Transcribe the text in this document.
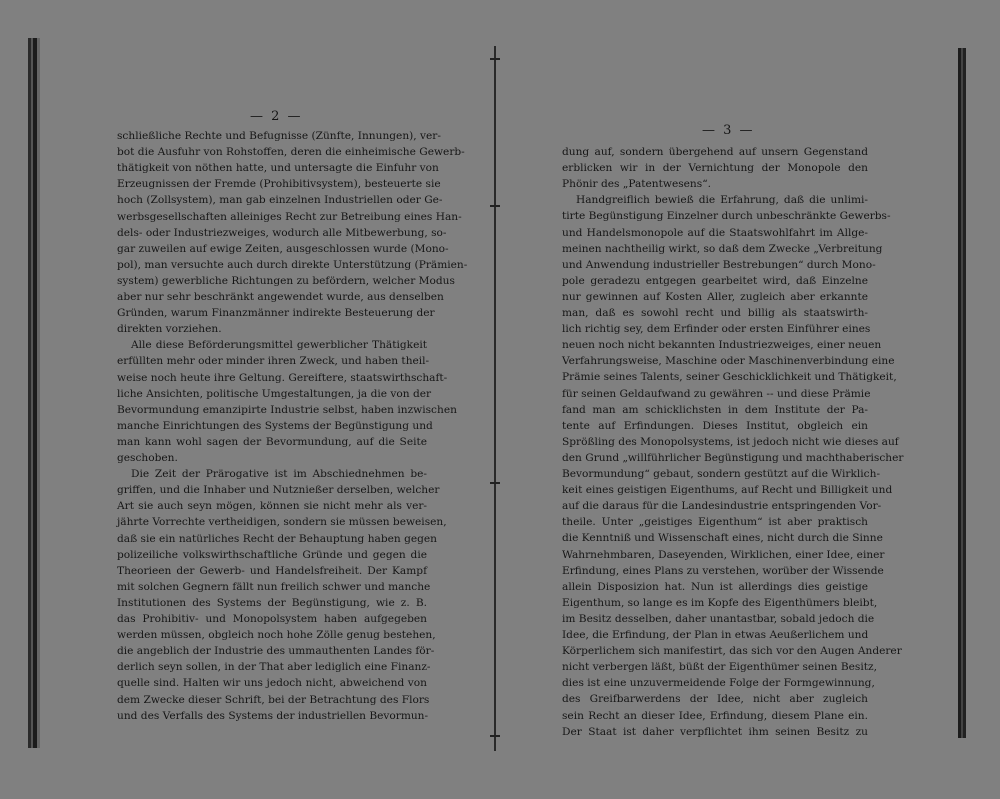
— 2 —
schließliche Rechte und Befugnisse (Zünfte, Innungen), ver-
bot die Ausfuhr von Rohstoffen, deren die einheimische Gewerb-
thätigkeit von nöthen hatte, und untersagte die Einfuhr von
Erzeugnissen der Fremde (Prohibitivsystem), besteuerte sie
hoch (Zollsystem), man gab einzelnen Industriellen oder Ge-
werbsgesellschaften alleiniges Recht zur Betreibung eines Han-
dels- oder Industriezweiges, wodurch alle Mitbewerbung, so-
gar zuweilen auf ewige Zeiten, ausgeschlossen wurde (Mono-
pol), man versuchte auch durch direkte Unterstützung (Prämien-
system) gewerbliche Richtungen zu befördern, welcher Modus
aber nur sehr beschränkt angewendet wurde, aus denselben
Gründen, warum Finanzmänner indirekte Besteuerung der
direkten vorziehen.
Alle diese Beförderungsmittel gewerblicher Thätigkeit
erfüllten mehr oder minder ihren Zweck, und haben theil-
weise noch heute ihre Geltung. Gereiftere, staatswirthschaft-
liche Ansichten, politische Umgestaltungen, ja die von der
Bevormundung emanzipirte Industrie selbst, haben inzwischen
manche Einrichtungen des Systems der Begünstigung und
man kann wohl sagen der Bevormundung, auf die Seite
geschoben.
Die Zeit der Prärogative ist im Abschiednehmen be-
griffen, und die Inhaber und Nutznießer derselben, welcher
Art sie auch seyn mögen, können sie nicht mehr als ver-
jährte Vorrechte vertheidigen, sondern sie müssen beweisen,
daß sie ein natürliches Recht der Behauptung haben gegen
polizeiliche volkswirthschaftliche Gründe und gegen die
Theorieen der Gewerb- und Handelsfreiheit. Der Kampf
mit solchen Gegnern fällt nun freilich schwer und manche
Institutionen des Systems der Begünstigung, wie z. B.
das Prohibitiv- und Monopolsystem haben aufgegeben
werden müssen, obgleich noch hohe Zölle genug bestehen,
die angeblich der Industrie des ummauthenten Landes för-
derlich seyn sollen, in der That aber lediglich eine Finanz-
quelle sind. Halten wir uns jedoch nicht, abweichend von
dem Zwecke dieser Schrift, bei der Betrachtung des Flors
und des Verfalls des Systems der industriellen Bevormun-
— 3 —
dung auf, sondern übergehend auf unsern Gegenstand
erblicken wir in der Vernichtung der Monopole den
Phönir des „Patentwesens“.
Handgreiflich bewieß die Erfahrung, daß die unlimi-
tirte Begünstigung Einzelner durch unbeschränkte Gewerbs-
und Handelsmonopole auf die Staatswohlfahrt im Allge-
meinen nachtheilig wirkt, so daß dem Zwecke „Verbreitung
und Anwendung industrieller Bestrebungen“ durch Mono-
pole geradezu entgegen gearbeitet wird, daß Einzelne
nur gewinnen auf Kosten Aller, zugleich aber erkannte
man, daß es sowohl recht und billig als staatswirth-
lich richtig sey, dem Erfinder oder ersten Einführer eines
neuen noch nicht bekannten Industriezweiges, einer neuen
Verfahrungsweise, Maschine oder Maschinenverbindung eine
Prämie seines Talents, seiner Geschicklichkeit und Thätigkeit,
für seinen Geldaufwand zu gewähren -- und diese Prämie
fand man am schicklichsten in dem Institute der Pa-
tente auf Erfindungen. Dieses Institut, obgleich ein
Sprößling des Monopolsystems, ist jedoch nicht wie dieses auf
den Grund „willführlicher Begünstigung und machthaberischer
Bevormundung“ gebaut, sondern gestützt auf die Wirklich-
keit eines geistigen Eigenthums, auf Recht und Billigkeit und
auf die daraus für die Landesindustrie entspringenden Vor-
theile. Unter „geistiges Eigenthum“ ist aber praktisch
die Kenntniß und Wissenschaft eines, nicht durch die Sinne
Wahrnehmbaren, Daseyenden, Wirklichen, einer Idee, einer
Erfindung, eines Plans zu verstehen, worüber der Wissende
allein Disposizion hat. Nun ist allerdings dies geistige
Eigenthum, so lange es im Kopfe des Eigenthümers bleibt,
im Besitz desselben, daher unantastbar, sobald jedoch die
Idee, die Erfindung, der Plan in etwas Aeußerlichem und
Körperlichem sich manifestirt, das sich vor den Augen Anderer
nicht verbergen läßt, büßt der Eigenthümer seinen Besitz,
dies ist eine unzuvermeidende Folge der Formgewinnung,
des Greifbarwerdens der Idee, nicht aber zugleich
sein Recht an dieser Idee, Erfindung, diesem Plane ein.
Der Staat ist daher verpflichtet ihm seinen Besitz zu
